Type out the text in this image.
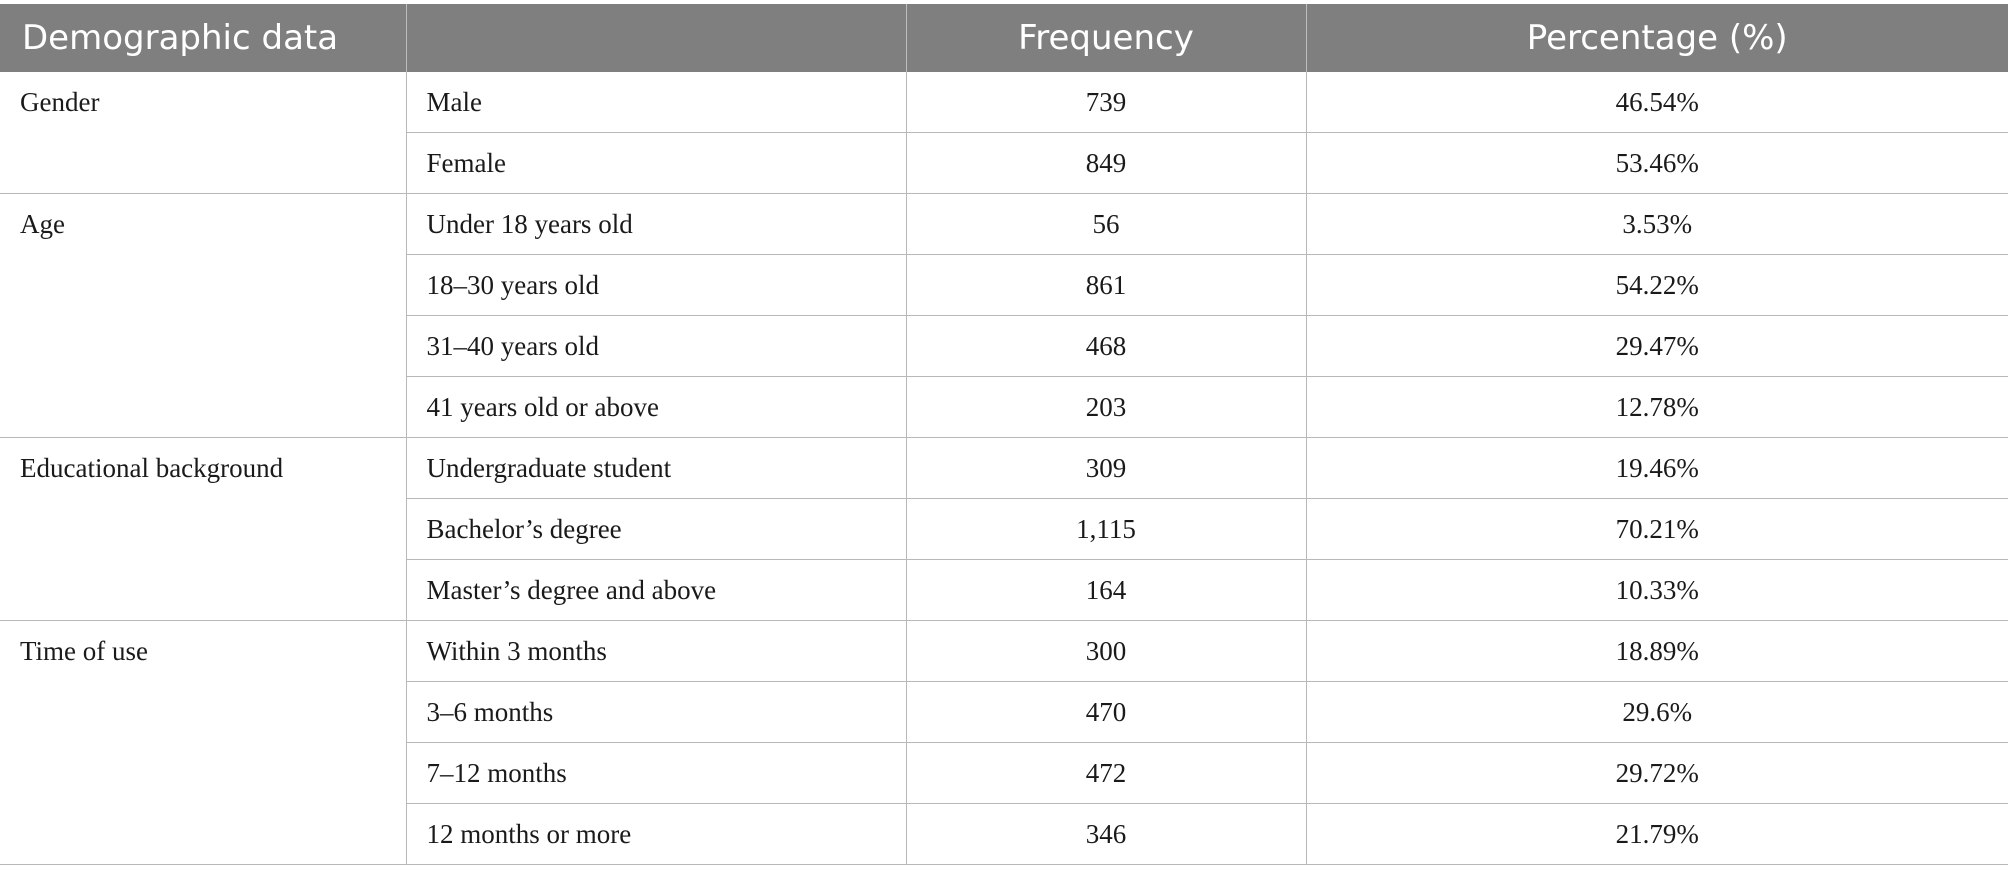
Demographic data		Frequency	Percentage (%)
Gender	Male	739	46.54%
	Female	849	53.46%
Age	Under 18 years old	56	3.53%
	18–30 years old	861	54.22%
	31–40 years old	468	29.47%
	41 years old or above	203	12.78%
Educational background	Undergraduate student	309	19.46%
	Bachelor’s degree	1,115	70.21%
	Master’s degree and above	164	10.33%
Time of use	Within 3 months	300	18.89%
	3–6 months	470	29.6%
	7–12 months	472	29.72%
	12 months or more	346	21.79%
